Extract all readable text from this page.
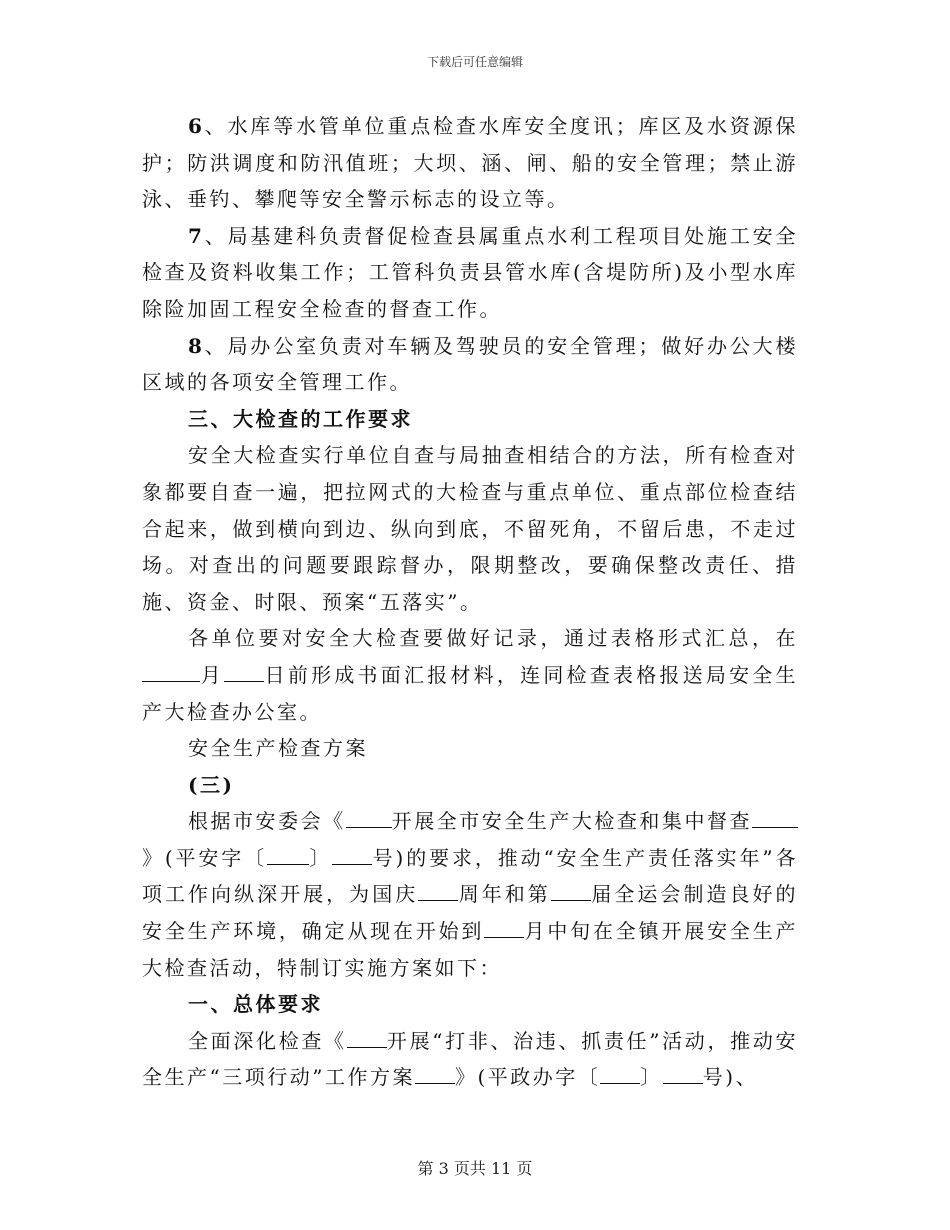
下载后可任意编辑

6、水库等水管单位重点检查水库安全度讯；库区及水资源保护；防洪调度和防汛值班；大坝、涵、闸、船的安全管理；禁止游泳、垂钓、攀爬等安全警示标志的设立等。

7、局基建科负责督促检查县属重点水利工程项目处施工安全检查及资料收集工作；工管科负责县管水库(含堤防所)及小型水库除险加固工程安全检查的督查工作。

8、局办公室负责对车辆及驾驶员的安全管理；做好办公大楼区域的各项安全管理工作。

三、大检查的工作要求

安全大检查实行单位自查与局抽查相结合的方法，所有检查对象都要自查一遍，把拉网式的大检查与重点单位、重点部位检查结合起来，做到横向到边、纵向到底，不留死角，不留后患，不走过场。对查出的问题要跟踪督办，限期整改，要确保整改责任、措施、资金、时限、预案“五落实”。

各单位要对安全大检查要做好记录，通过表格形式汇总，在月 日前形成书面汇报材料，连同检查表格报送局安全生产大检查办公室。

安全生产检查方案

(三)

根据市安委会《 开展全市安全生产大检查和集中督查》(平安字〔 〕 号)的要求，推动“安全生产责任落实年”各项工作向纵深开展，为国庆 周年和第 届全运会制造良好的安全生产环境，确定从现在开始到 月中旬在全镇开展安全生产大检查活动，特制订实施方案如下：

一、总体要求

全面深化检查《 开展“打非、治违、抓责任”活动，推动安全生产“三项行动”工作方案 》(平政办字〔 〕 号)、

第 3 页共 11 页
